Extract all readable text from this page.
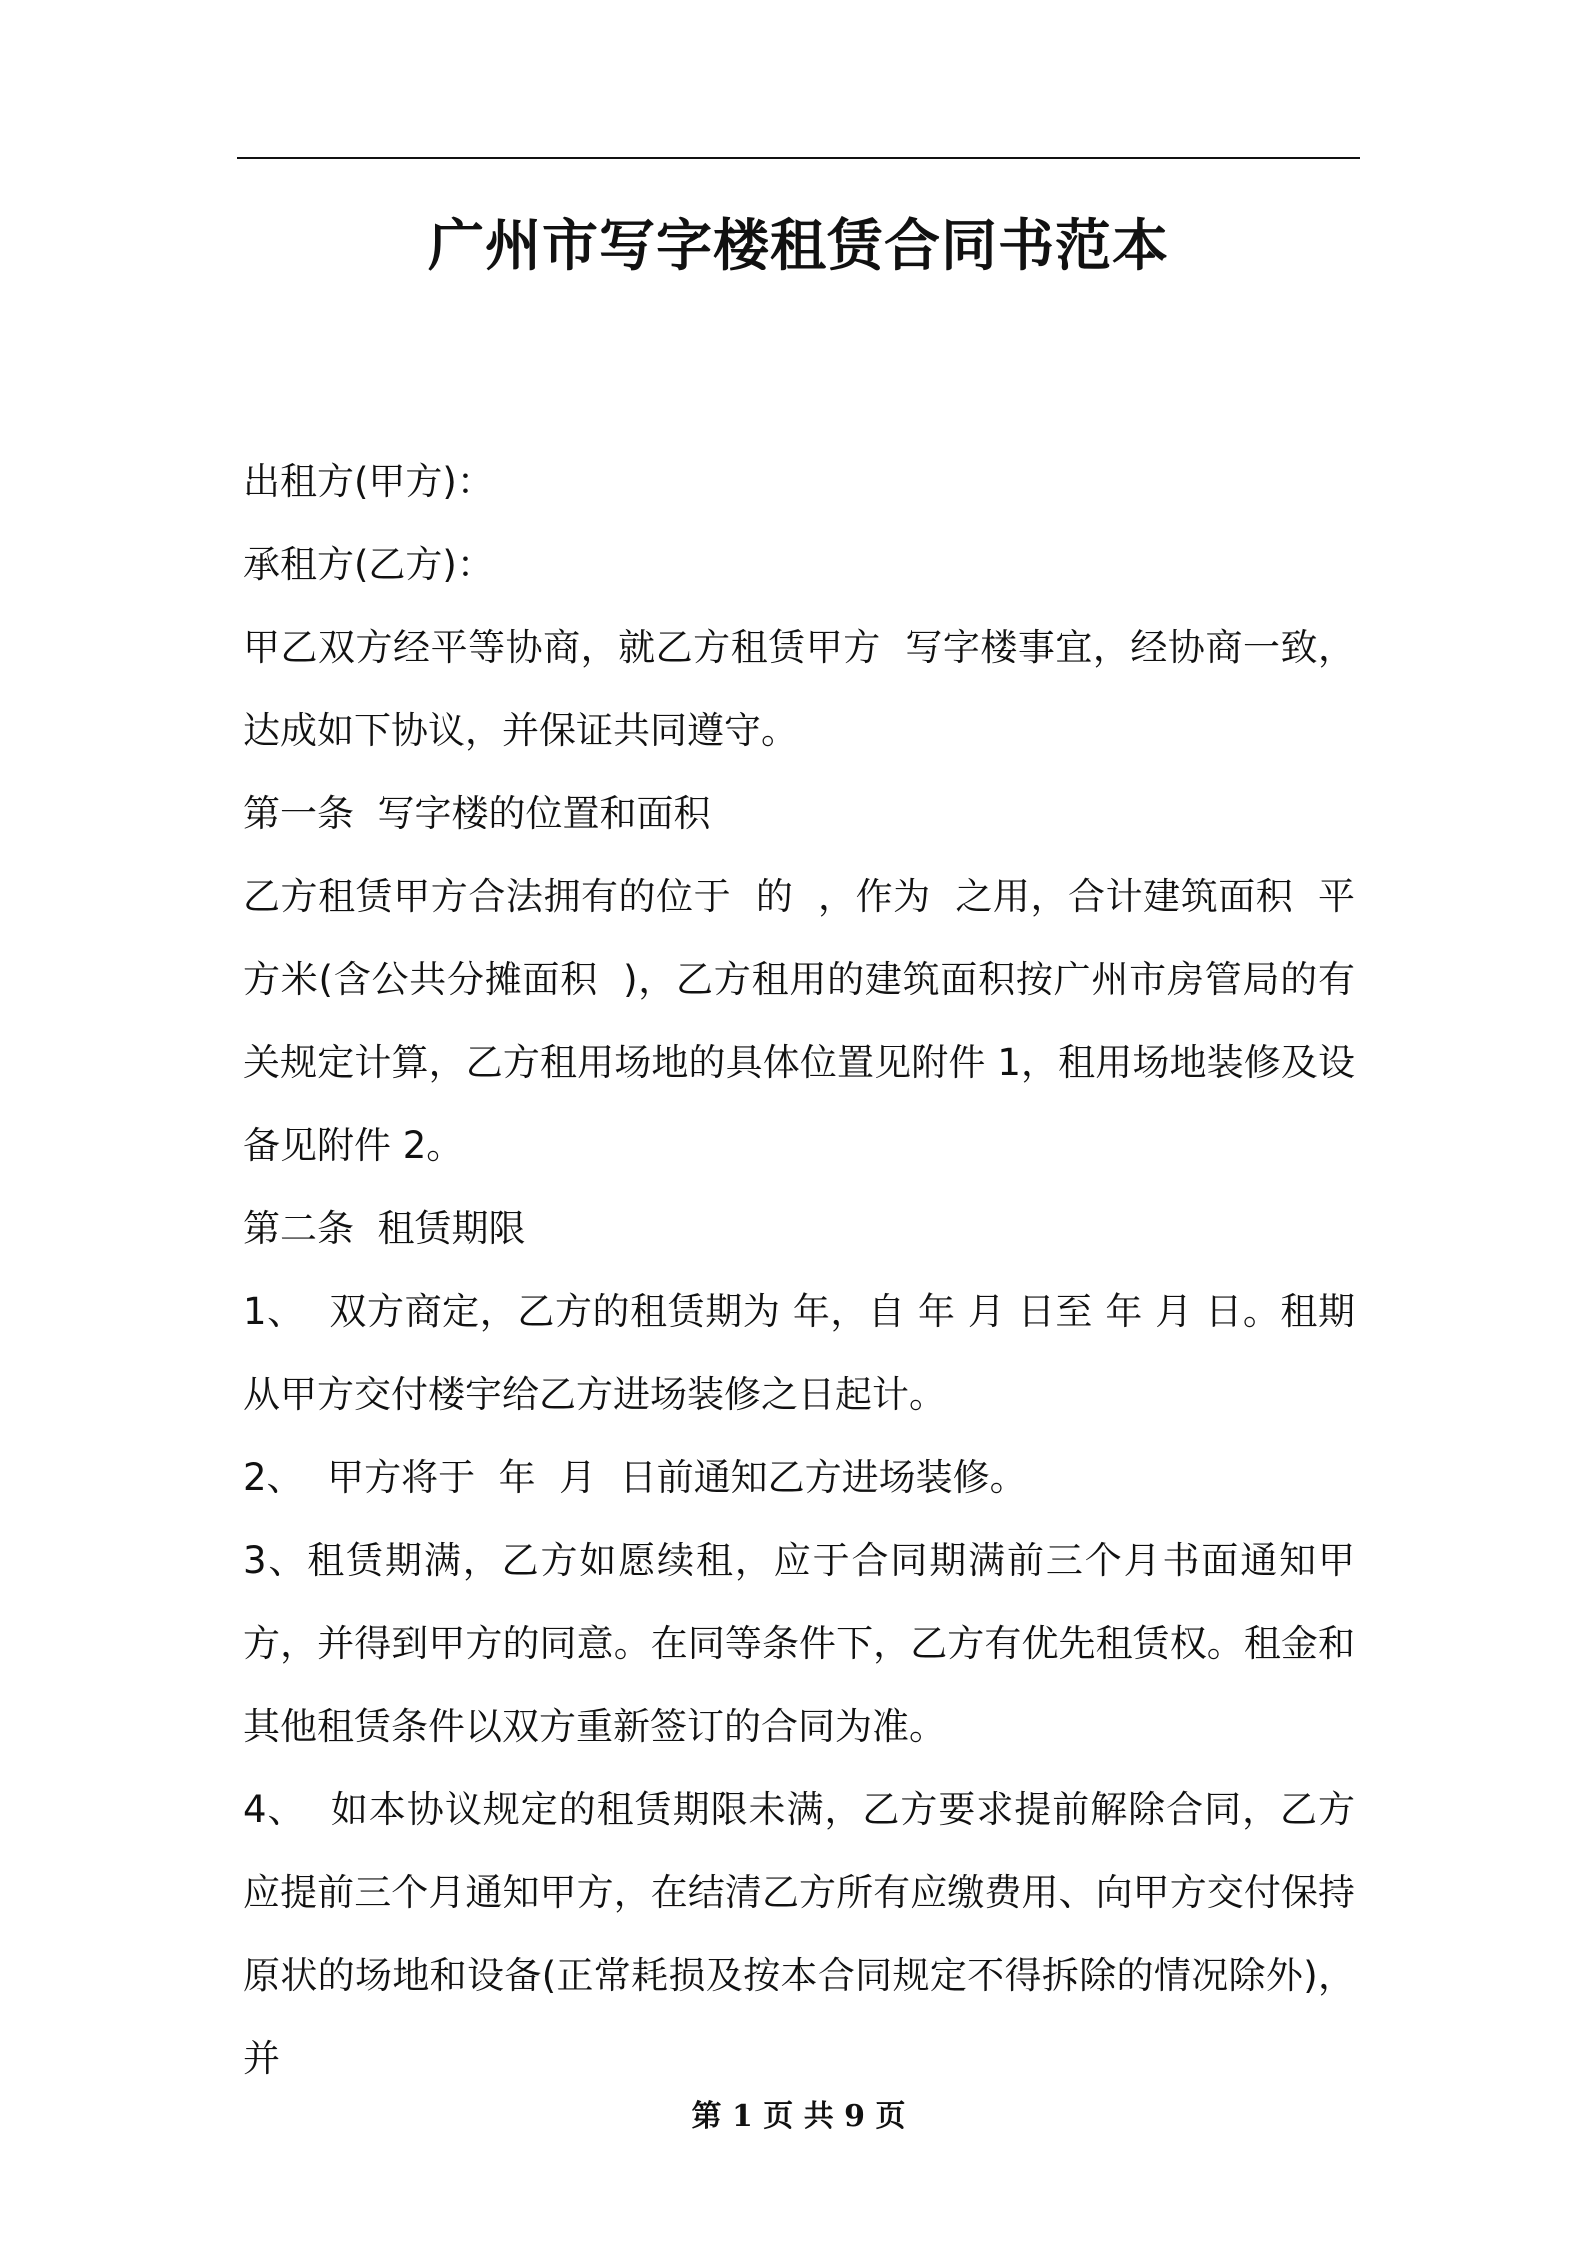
广州市写字楼租赁合同书范本

出租方(甲方)：

承租方(乙方)：

甲乙双方经平等协商，就乙方租赁甲方  写字楼事宜，经协商一致，达成如下协议，并保证共同遵守。

第一条  写字楼的位置和面积

乙方租赁甲方合法拥有的位于  的  ，作为  之用，合计建筑面积  平方米(含公共分摊面积  )，乙方租用的建筑面积按广州市房管局的有关规定计算，乙方租用场地的具体位置见附件 1，租用场地装修及设备见附件 2。

第二条  租赁期限

1、  双方商定，乙方的租赁期为 年，自 年 月 日至 年 月 日。租期从甲方交付楼宇给乙方进场装修之日起计。

2、  甲方将于  年  月  日前通知乙方进场装修。

3、租赁期满，乙方如愿续租，应于合同期满前三个月书面通知甲方，并得到甲方的同意。在同等条件下，乙方有优先租赁权。租金和其他租赁条件以双方重新签订的合同为准。

4、  如本协议规定的租赁期限未满，乙方要求提前解除合同，乙方应提前三个月通知甲方，在结清乙方所有应缴费用、向甲方交付保持原状的场地和设备(正常耗损及按本合同规定不得拆除的情况除外)，并

第 1 页 共 9 页
